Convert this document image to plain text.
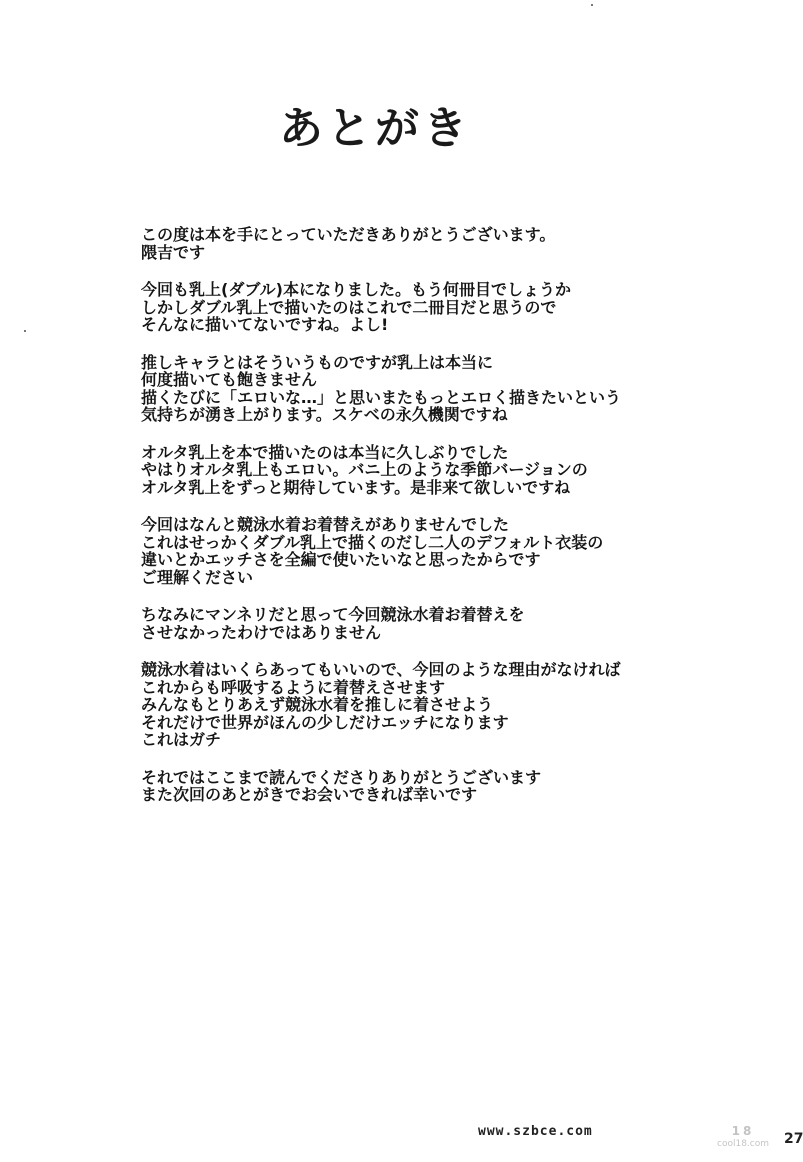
あとがき

この度は本を手にとっていただきありがとうございます。
隈吉です

今回も乳上(ダブル)本になりました。もう何冊目でしょうか
しかしダブル乳上で描いたのはこれで二冊目だと思うので
そんなに描いてないですね。よし!

推しキャラとはそういうものですが乳上は本当に
何度描いても飽きません
描くたびに「エロいな…」と思いまたもっとエロく描きたいという
気持ちが湧き上がります。スケベの永久機関ですね

オルタ乳上を本で描いたのは本当に久しぶりでした
やはりオルタ乳上もエロい。バニ上のような季節バージョンの
オルタ乳上をずっと期待しています。是非来て欲しいですね

今回はなんと競泳水着お着替えがありませんでした
これはせっかくダブル乳上で描くのだし二人のデフォルト衣装の
違いとかエッチさを全編で使いたいなと思ったからです
ご理解ください

ちなみにマンネリだと思って今回競泳水着お着替えを
させなかったわけではありません

競泳水着はいくらあってもいいので、今回のような理由がなければ
これからも呼吸するように着替えさせます
みんなもとりあえず競泳水着を推しに着させよう
それだけで世界がほんの少しだけエッチになります
これはガチ

それではここまで読んでくださりありがとうございます
また次回のあとがきでお会いできれば幸いです

www.szbce.com	18
cool18.com 27
